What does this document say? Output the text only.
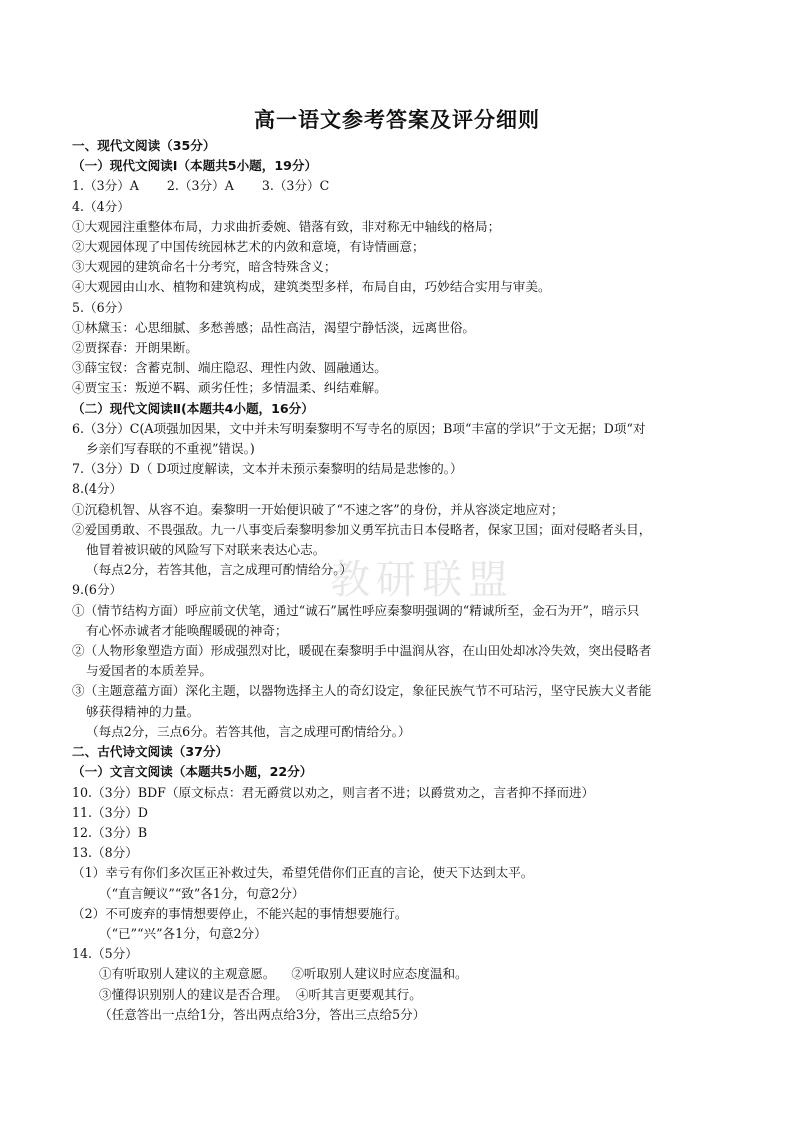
教研联盟
高一语文参考答案及评分细则
一、现代文阅读（35分）
（一）现代文阅读Ⅰ（本题共5小题，19分）
1.（3分）A 2.（3分）A 3.（3分）C
4.（4分）
①大观园注重整体布局，力求曲折委婉、错落有致，非对称无中轴线的格局；
②大观园体现了中国传统园林艺术的内敛和意境，有诗情画意；
③大观园的建筑命名十分考究，暗含特殊含义；
④大观园由山水、植物和建筑构成，建筑类型多样，布局自由，巧妙结合实用与审美。
5.（6分）
①林黛玉：心思细腻、多愁善感；品性高洁，渴望宁静恬淡，远离世俗。
②贾探春：开朗果断。
③薛宝钗：含蓄克制、端庄隐忍、理性内敛、圆融通达。
④贾宝玉：叛逆不羁、顽劣任性；多情温柔、纠结难解。
（二）现代文阅读Ⅱ(本题共4小题，16分）
6.（3分）C(A项强加因果，文中并未写明秦黎明不写寺名的原因；B项“丰富的学识”于文无据；D项“对
乡亲们写春联的不重视”错误。)
7.（3分）D（ D项过度解读，文本并未预示秦黎明的结局是悲惨的。）
8.(4分）
①沉稳机智、从容不迫。秦黎明一开始便识破了“不速之客”的身份，并从容淡定地应对；
②爱国勇敢、不畏强敌。九一八事变后秦黎明参加义勇军抗击日本侵略者，保家卫国；面对侵略者头目，
他冒着被识破的风险写下对联来表达心志。
（每点2分，若答其他，言之成理可酌情给分。）
9.(6分）
①（情节结构方面）呼应前文伏笔，通过“诚石”属性呼应秦黎明强调的“精诚所至，金石为开”，暗示只
有心怀赤诚者才能唤醒暖砚的神奇；
②（人物形象塑造方面）形成强烈对比，暖砚在秦黎明手中温润从容，在山田处却冰冷失效，突出侵略者
与爱国者的本质差异。
③（主题意蕴方面）深化主题，以器物选择主人的奇幻设定，象征民族气节不可玷污，坚守民族大义者能
够获得精神的力量。
（每点2分，三点6分。若答其他，言之成理可酌情给分。）
二、古代诗文阅读（37分）
（一）文言文阅读（本题共5小题，22分）
10.（3分）BDF（原文标点：君无爵赏以劝之，则言者不进；以爵赏劝之，言者抑不择而进）
11.（3分）D
12.（3分）B
13.（8分）
（1）幸亏有你们多次匡正补救过失，希望凭借你们正直的言论，使天下达到太平。
（“直言鲠议”“致”各1分，句意2分）
（2）不可废弃的事情想要停止，不能兴起的事情想要施行。
（“已”“兴”各1分，句意2分）
14.（5分）
①有听取别人建议的主观意愿。 ②听取别人建议时应态度温和。
③懂得识别别人的建议是否合理。 ④听其言更要观其行。
（任意答出一点给1分，答出两点给3分，答出三点给5分）
